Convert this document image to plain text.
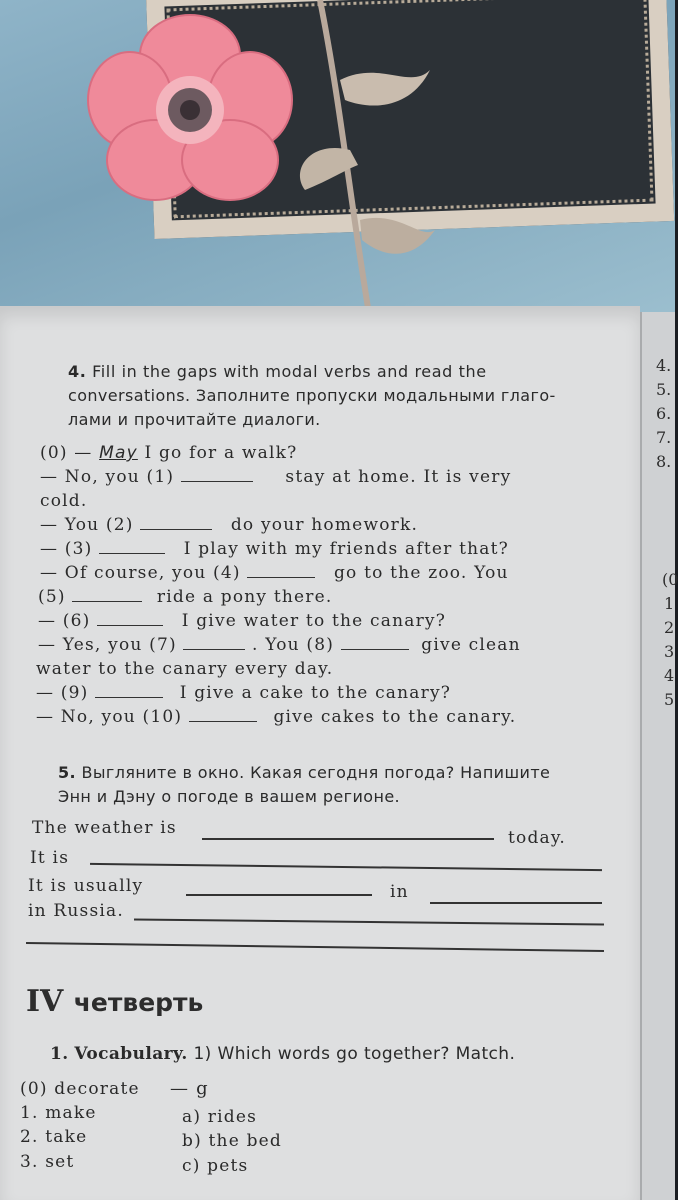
4. Fill in the gaps with modal verbs and read the
conversations. Заполните пропуски модальными глаго-
лами и прочитайте диалоги.
(0) — May I go for a walk?
— No, you (1)	stay at home. It is very
cold.
— You (2)	do your homework.
— (3)	I play with my friends after that?
— Of course, you (4)	go to the zoo. You
(5)	ride a pony there.
— (6)	I give water to the canary?
— Yes, you (7)	. You (8)	give clean
water to the canary every day.
— (9)	I give a cake to the canary?
— No, you (10)	give cakes to the canary.
5. Выгляните в окно. Какая сегодня погода? Напишите
Энн и Дэну о погоде в вашем регионе.
The weather is	today.
It is
It is usually	in
in Russia.
IV четверть
1. Vocabulary. 1) Which words go together? Match.
(0) decorate — g
1. make
2. take
3. set
a) rides
b) the bed
c) pets
4.
5.
6.
7.
8.
(0
1
2
3
4
5
